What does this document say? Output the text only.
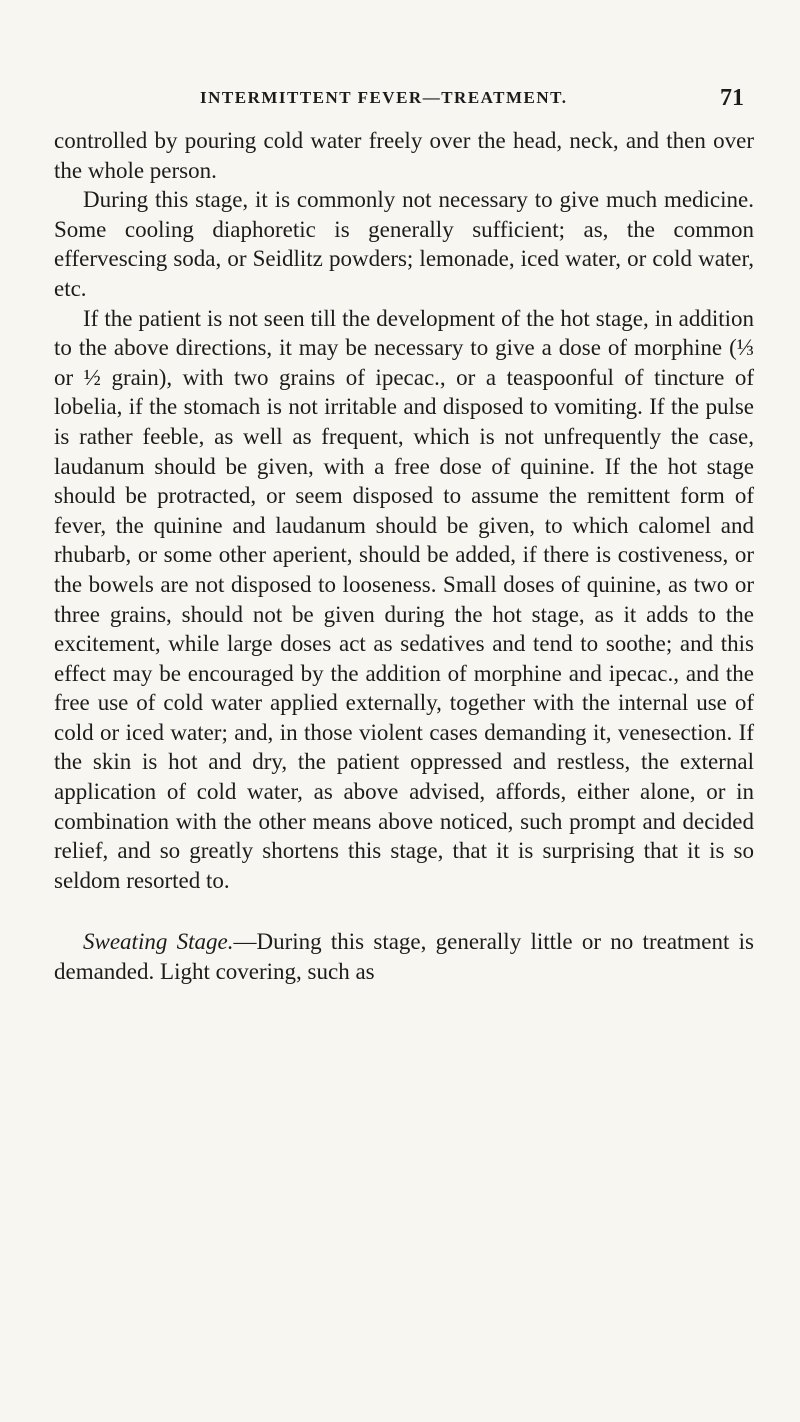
INTERMITTENT FEVER—TREATMENT.	71

controlled by pouring cold water freely over the head, neck, and then over the whole person.

During this stage, it is commonly not necessary to give much medicine. Some cooling diaphoretic is generally sufficient; as, the common effervescing soda, or Seidlitz powders; lemonade, iced water, or cold water, etc.

If the patient is not seen till the development of the hot stage, in addition to the above directions, it may be necessary to give a dose of morphine (⅓ or ½ grain), with two grains of ipecac., or a teaspoonful of tincture of lobelia, if the stomach is not irritable and disposed to vomiting. If the pulse is rather feeble, as well as frequent, which is not unfrequently the case, laudanum should be given, with a free dose of quinine. If the hot stage should be protracted, or seem disposed to assume the remittent form of fever, the quinine and laudanum should be given, to which calomel and rhubarb, or some other aperient, should be added, if there is costiveness, or the bowels are not disposed to looseness. Small doses of quinine, as two or three grains, should not be given during the hot stage, as it adds to the excitement, while large doses act as sedatives and tend to soothe; and this effect may be encouraged by the addition of morphine and ipecac., and the free use of cold water applied externally, together with the internal use of cold or iced water; and, in those violent cases demanding it, venesection. If the skin is hot and dry, the patient oppressed and restless, the external application of cold water, as above advised, affords, either alone, or in combination with the other means above noticed, such prompt and decided relief, and so greatly shortens this stage, that it is surprising that it is so seldom resorted to.

Sweating Stage.—During this stage, generally little or no treatment is demanded. Light covering, such as
